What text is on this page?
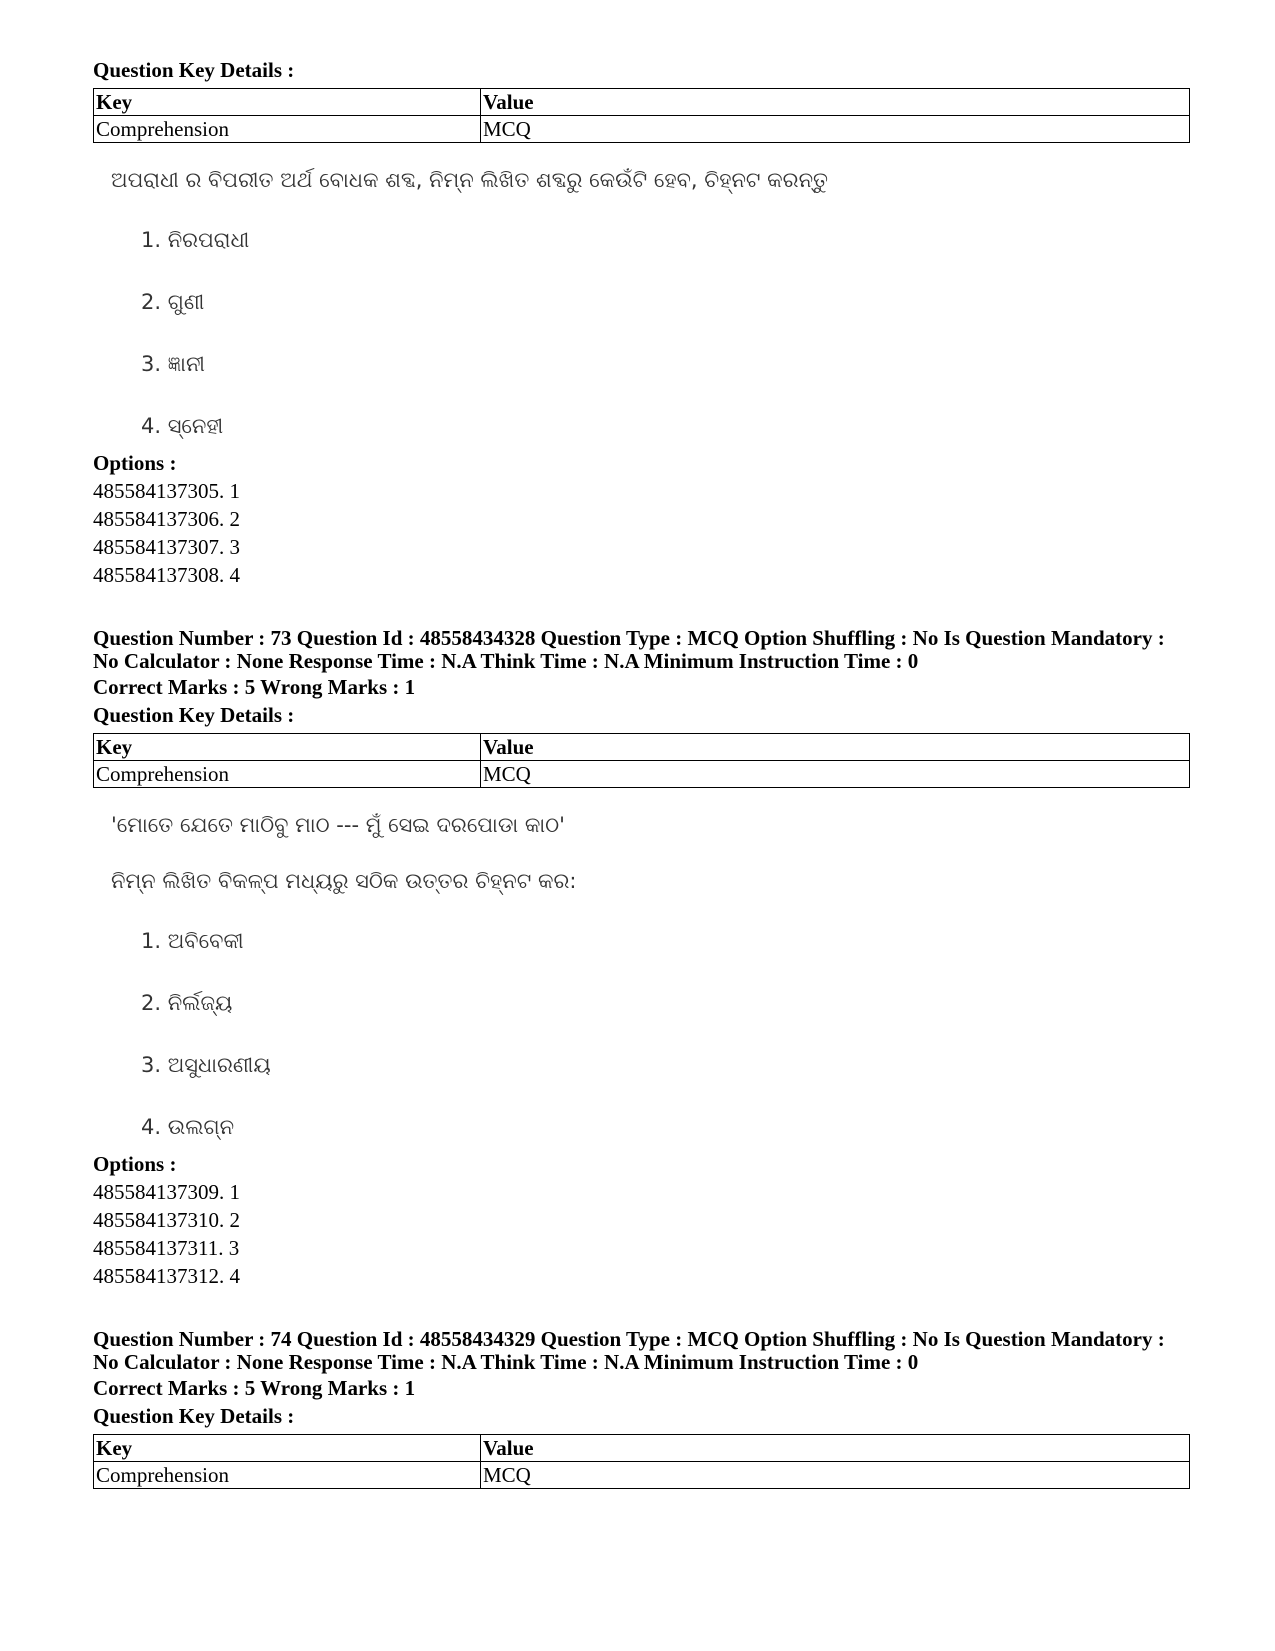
Question Key Details :
Key	Value
Comprehension	MCQ
ଅପରାଧୀ ର ବିପରୀତ ଅର୍ଥ ବୋଧକ ଶବ୍ଦ, ନିମ୍ନ ଲିଖିତ ଶବ୍ଦରୁ କେଉଁଟି ହେବ, ଚିହ୍ନଟ କରନ୍ତୁ
1. ନିରପରାଧୀ
2. ଗୁଣୀ
3. ଜ୍ଞାନୀ
4. ସ୍ନେହୀ
Options :
485584137305. 1
485584137306. 2
485584137307. 3
485584137308. 4
Question Number : 73 Question Id : 48558434328 Question Type : MCQ Option Shuffling : No Is Question Mandatory :
No Calculator : None Response Time : N.A Think Time : N.A Minimum Instruction Time : 0
Correct Marks : 5 Wrong Marks : 1
Question Key Details :
Key	Value
Comprehension	MCQ
'ମୋତେ ଯେତେ ମାଠିବୁ ମାଠ --- ମୁଁ ସେଇ ଦରପୋଡା କାଠ'
ନିମ୍ନ ଲିଖିତ ବିକଳ୍ପ ମଧ୍ୟରୁ ସଠିକ ଉତ୍ତର ଚିହ୍ନଟ କର:
1. ଅବିବେକୀ
2. ନିର୍ଲଜ୍ୟ
3. ଅସୁଧାରଣୀୟ
4. ଉଲଗ୍ନ
Options :
485584137309. 1
485584137310. 2
485584137311. 3
485584137312. 4
Question Number : 74 Question Id : 48558434329 Question Type : MCQ Option Shuffling : No Is Question Mandatory :
No Calculator : None Response Time : N.A Think Time : N.A Minimum Instruction Time : 0
Correct Marks : 5 Wrong Marks : 1
Question Key Details :
Key	Value
Comprehension	MCQ
